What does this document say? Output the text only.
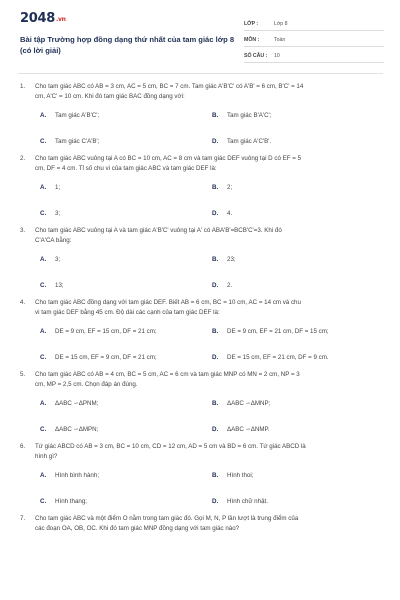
2048.vn
Bài tập Trường hợp đồng dạng thứ nhất của tam giác lớp 8
(có lời giải)
LỚP :	Lớp 8
MÔN :	Toán
SỐ CÂU :	10
1. Cho tam giác ABC có AB = 3 cm, AC = 5 cm, BC = 7 cm. Tam giác A'B'C' có A'B' = 6 cm, B'C' = 14
cm, A'C' = 10 cm. Khi đó tam giác BAC đồng dạng với:
A.	Tam giác A'B'C';	B.	Tam giác B'A'C';
C.	Tam giác C'A'B';	D.	Tam giác A'C'B'.
2. Cho tam giác ABC vuông tại A có BC = 10 cm, AC = 8 cm và tam giác DEF vuông tại D có EF = 5
cm, DF = 4 cm. Tỉ số chu vi của tam giác ABC và tam giác DEF là:
A.	1;	B.	2;
C.	3;	D.	4.
3. Cho tam giác ABC vuông tại A và tam giác A'B'C' vuông tại A' có ABA'B'=BCB'C'=3. Khi đó
C'A'CA bằng:
A.	3;	B.	23;
C.	13;	D.	2.
4. Cho tam giác ABC đồng dạng với tam giác DEF. Biết AB = 6 cm, BC = 10 cm, AC = 14 cm và chu
vi tam giác DEF bằng 45 cm. Độ dài các cạnh của tam giác DEF là:
A.	DE = 9 cm, EF = 15 cm, DF = 21 cm;	B.	DE = 9 cm, EF = 21 cm, DF = 15 cm;
C.	DE = 15 cm, EF = 9 cm, DF = 21 cm;	D.	DE = 15 cm, EF = 21 cm, DF = 9 cm.
5. Cho tam giác ABC có AB = 4 cm, BC = 5 cm, AC = 6 cm và tam giác MNP có MN = 2 cm, NP = 3
cm, MP = 2,5 cm. Chọn đáp án đúng.
A.	ΔABC ∽ΔPNM;	B.	ΔABC ∽ΔMNP;
C.	ΔABC ∽ΔMPN;	D.	ΔABC ∽ΔNMP.
6. Tứ giác ABCD có AB = 3 cm, BC = 10 cm, CD = 12 cm, AD = 5 cm và BD = 6 cm. Tứ giác ABCD là
hình gì?
A.	Hình bình hành;	B.	Hình thoi;
C.	Hình thang;	D.	Hình chữ nhật.
7. Cho tam giác ABC và một điểm O nằm trong tam giác đó. Gọi M, N, P lần lượt là trung điểm của
các đoạn OA, OB, OC. Khi đó tam giác MNP đồng dạng với tam giác nào?
